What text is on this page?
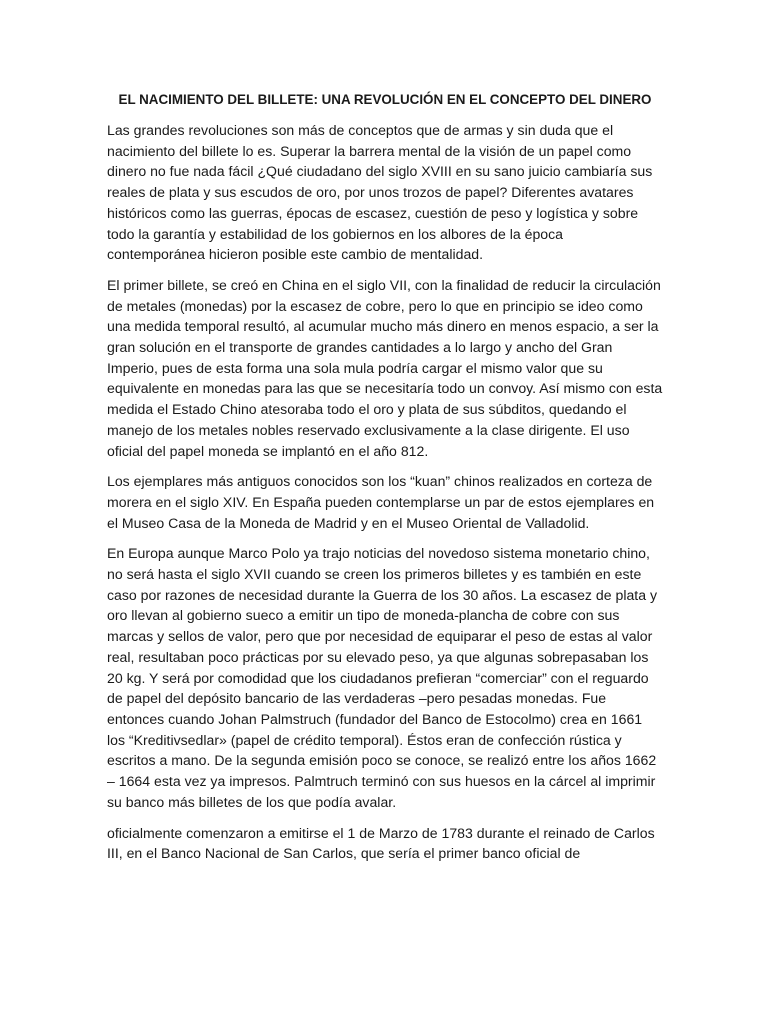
EL NACIMIENTO DEL BILLETE: UNA REVOLUCIÓN EN EL CONCEPTO DEL DINERO

Las grandes revoluciones son más de conceptos que de armas y sin duda que el nacimiento del billete lo es. Superar la barrera mental de la visión de un papel como dinero no fue nada fácil ¿Qué ciudadano del siglo XVIII en su sano juicio cambiaría sus reales de plata y sus escudos de oro, por unos trozos de papel? Diferentes avatares históricos como las guerras, épocas de escasez, cuestión de peso y logística y sobre todo la garantía y estabilidad de los gobiernos en los albores de la época contemporánea hicieron posible este cambio de mentalidad.

El primer billete, se creó en China en el siglo VII, con la finalidad de reducir la circulación de metales (monedas) por la escasez de cobre, pero lo que en principio se ideo como una medida temporal resultó, al acumular mucho más dinero en menos espacio, a ser la gran solución en el transporte de grandes cantidades a lo largo y ancho del Gran Imperio, pues de esta forma una sola mula podría cargar el mismo valor que su equivalente en monedas para las que se necesitaría todo un convoy. Así mismo con esta medida el Estado Chino atesoraba todo el oro y plata de sus súbditos, quedando el manejo de los metales nobles reservado exclusivamente a la clase dirigente. El uso oficial del papel moneda se implantó en el año 812.

Los ejemplares más antiguos conocidos son los “kuan” chinos realizados en corteza de morera en el siglo XIV. En España pueden contemplarse un par de estos ejemplares en el Museo Casa de la Moneda de Madrid y en el Museo Oriental de Valladolid.

En Europa aunque Marco Polo ya trajo noticias del novedoso sistema monetario chino, no será hasta el siglo XVII cuando se creen los primeros billetes y es también en este caso por razones de necesidad durante la Guerra de los 30 años. La escasez de plata y oro llevan al gobierno sueco a emitir un tipo de moneda-plancha de cobre con sus marcas y sellos de valor, pero que por necesidad de equiparar el peso de estas al valor real, resultaban poco prácticas por su elevado peso, ya que algunas sobrepasaban los 20 kg. Y será por comodidad que los ciudadanos prefieran “comerciar” con el reguardo de papel del depósito bancario de las verdaderas –pero pesadas monedas. Fue entonces cuando Johan Palmstruch (fundador del Banco de Estocolmo) crea en 1661 los “Kreditivsedlar» (papel de crédito temporal). Éstos eran de confección rústica y escritos a mano. De la segunda emisión poco se conoce, se realizó entre los años 1662 – 1664 esta vez ya impresos. Palmtruch terminó con sus huesos en la cárcel al imprimir su banco más billetes de los que podía avalar.

oficialmente comenzaron a emitirse el 1 de Marzo de 1783 durante el reinado de Carlos III, en el Banco Nacional de San Carlos, que sería el primer banco oficial de
